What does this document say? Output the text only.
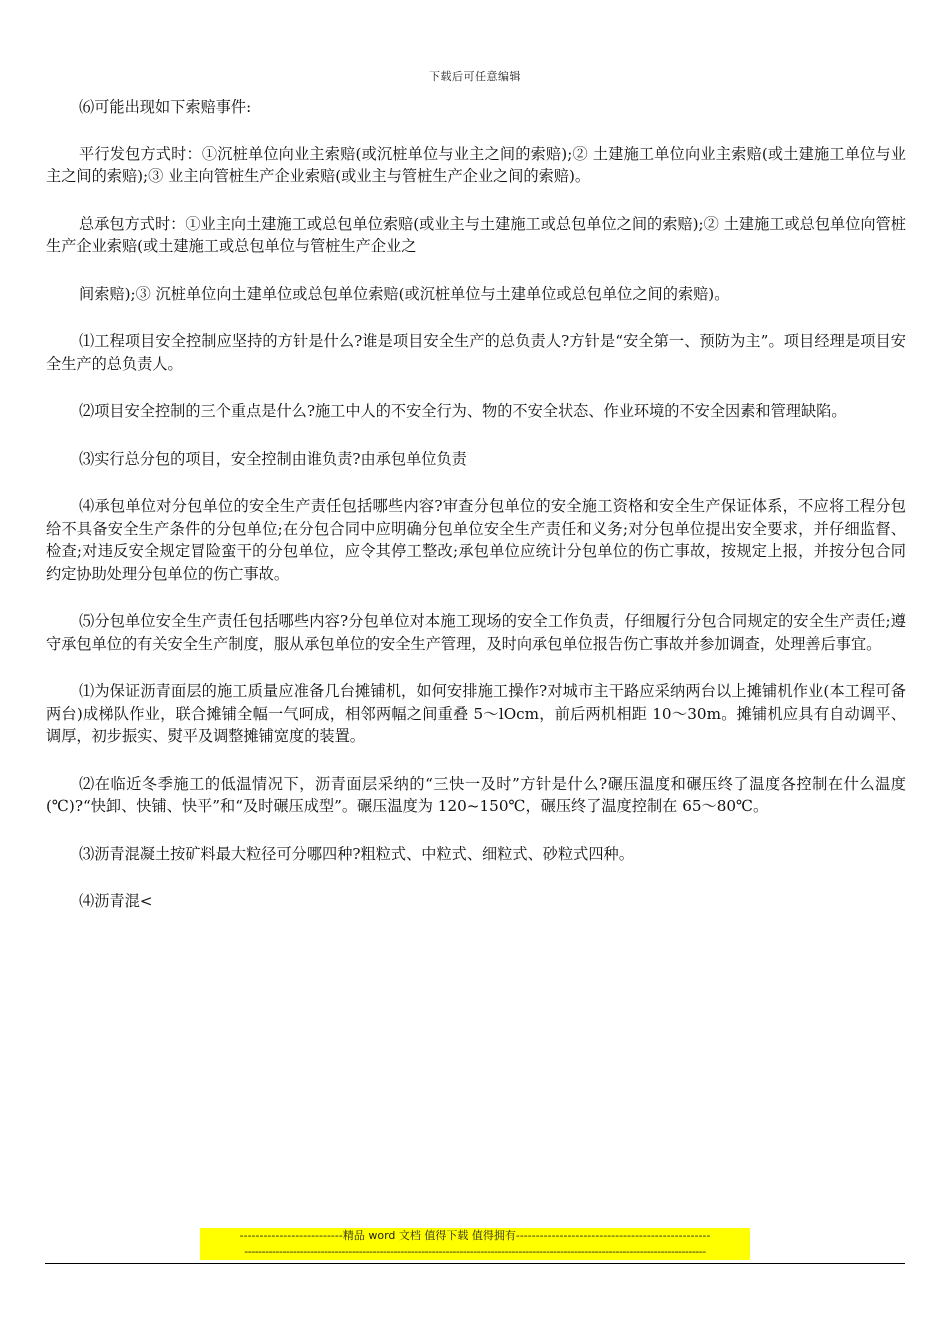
下载后可任意编辑

⑹可能出现如下索赔事件:

平行发包方式时：①沉桩单位向业主索赔(或沉桩单位与业主之间的索赔);② 土建施工单位向业主索赔(或土建施工单位与业主之间的索赔);③ 业主向管桩生产企业索赔(或业主与管桩生产企业之间的索赔)。

总承包方式时：①业主向土建施工或总包单位索赔(或业主与土建施工或总包单位之间的索赔);② 土建施工或总包单位向管桩生产企业索赔(或土建施工或总包单位与管桩生产企业之

间索赔);③ 沉桩单位向土建单位或总包单位索赔(或沉桩单位与土建单位或总包单位之间的索赔)。

⑴工程项目安全控制应坚持的方针是什么?谁是项目安全生产的总负责人?方针是“安全第一、预防为主”。项目经理是项目安全生产的总负责人。

⑵项目安全控制的三个重点是什么?施工中人的不安全行为、物的不安全状态、作业环境的不安全因素和管理缺陷。

⑶实行总分包的项目，安全控制由谁负责?由承包单位负责

⑷承包单位对分包单位的安全生产责任包括哪些内容?审查分包单位的安全施工资格和安全生产保证体系，不应将工程分包给不具备安全生产条件的分包单位;在分包合同中应明确分包单位安全生产责任和义务;对分包单位提出安全要求，并仔细监督、检查;对违反安全规定冒险蛮干的分包单位，应令其停工整改;承包单位应统计分包单位的伤亡事故，按规定上报，并按分包合同约定协助处理分包单位的伤亡事故。

⑸分包单位安全生产责任包括哪些内容?分包单位对本施工现场的安全工作负责，仔细履行分包合同规定的安全生产责任;遵守承包单位的有关安全生产制度，服从承包单位的安全生产管理，及时向承包单位报告伤亡事故并参加调查，处理善后事宜。

⑴为保证沥青面层的施工质量应准备几台摊铺机，如何安排施工操作?对城市主干路应采纳两台以上摊铺机作业(本工程可备两台)成梯队作业，联合摊铺全幅一气呵成，相邻两幅之间重叠 5～lOcm，前后两机相距 10～30m。摊铺机应具有自动调平、调厚，初步振实、熨平及调整摊铺宽度的装置。

⑵在临近冬季施工的低温情况下，沥青面层采纳的“三快一及时”方针是什么?碾压温度和碾压终了温度各控制在什么温度(℃)?“快卸、快铺、快平”和“及时碾压成型”。碾压温度为 120~150℃，碾压终了温度控制在 65～80℃。

⑶沥青混凝土按矿料最大粒径可分哪四种?粗粒式、中粒式、细粒式、砂粒式四种。

⑷沥青混<

--------------------------精品 word 文档 值得下载 值得拥有-------------------------------------------------
-------------------------------------------------------------------------------------------------------------------------------------
